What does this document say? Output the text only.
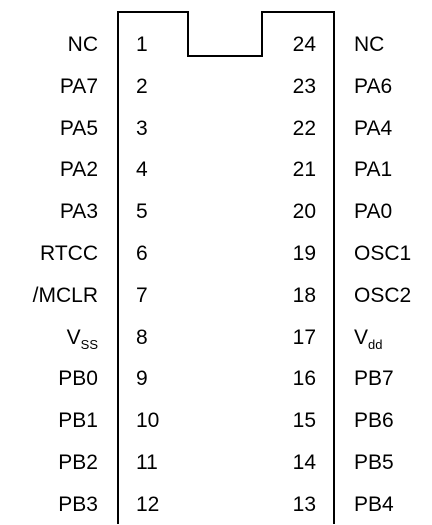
NC 1	24 NC
PA7 2	23 PA6
PA5 3	22 PA4
PA2 4	21 PA1
PA3 5	20 PA0
RTCC 6	19 OSC1
/MCLR 7	18 OSC2
$V_{SS}$ 8	17 $V_{dd}$
PB0 9	16 PB7
PB1 10	15 PB6
PB2 11	14 PB5
PB3 12	13 PB4
